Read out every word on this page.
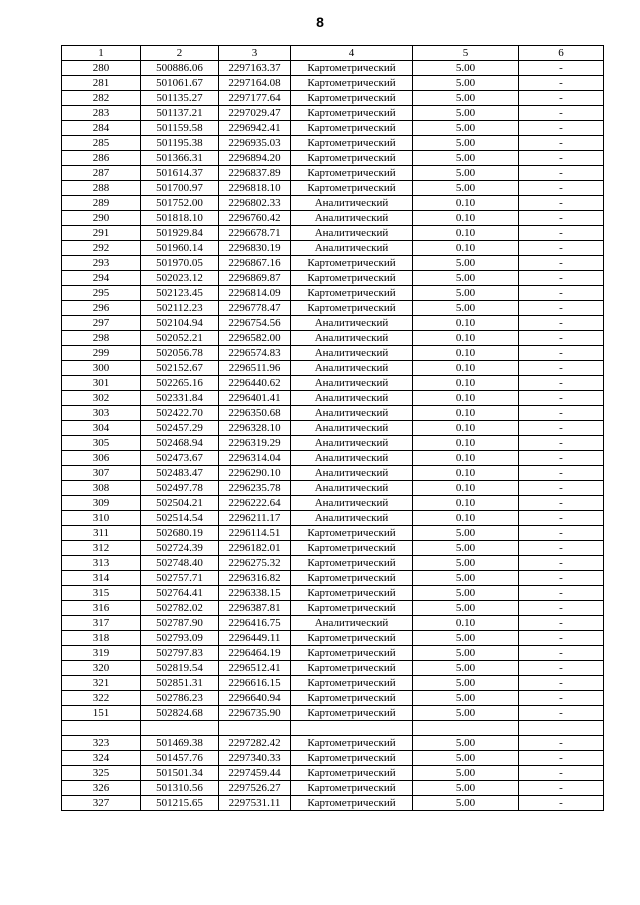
8
1	2	3	4	5	6
280	500886.06	2297163.37	Картометрический	5.00	-
281	501061.67	2297164.08	Картометрический	5.00	-
282	501135.27	2297177.64	Картометрический	5.00	-
283	501137.21	2297029.47	Картометрический	5.00	-
284	501159.58	2296942.41	Картометрический	5.00	-
285	501195.38	2296935.03	Картометрический	5.00	-
286	501366.31	2296894.20	Картометрический	5.00	-
287	501614.37	2296837.89	Картометрический	5.00	-
288	501700.97	2296818.10	Картометрический	5.00	-
289	501752.00	2296802.33	Аналитический	0.10	-
290	501818.10	2296760.42	Аналитический	0.10	-
291	501929.84	2296678.71	Аналитический	0.10	-
292	501960.14	2296830.19	Аналитический	0.10	-
293	501970.05	2296867.16	Картометрический	5.00	-
294	502023.12	2296869.87	Картометрический	5.00	-
295	502123.45	2296814.09	Картометрический	5.00	-
296	502112.23	2296778.47	Картометрический	5.00	-
297	502104.94	2296754.56	Аналитический	0.10	-
298	502052.21	2296582.00	Аналитический	0.10	-
299	502056.78	2296574.83	Аналитический	0.10	-
300	502152.67	2296511.96	Аналитический	0.10	-
301	502265.16	2296440.62	Аналитический	0.10	-
302	502331.84	2296401.41	Аналитический	0.10	-
303	502422.70	2296350.68	Аналитический	0.10	-
304	502457.29	2296328.10	Аналитический	0.10	-
305	502468.94	2296319.29	Аналитический	0.10	-
306	502473.67	2296314.04	Аналитический	0.10	-
307	502483.47	2296290.10	Аналитический	0.10	-
308	502497.78	2296235.78	Аналитический	0.10	-
309	502504.21	2296222.64	Аналитический	0.10	-
310	502514.54	2296211.17	Аналитический	0.10	-
311	502680.19	2296114.51	Картометрический	5.00	-
312	502724.39	2296182.01	Картометрический	5.00	-
313	502748.40	2296275.32	Картометрический	5.00	-
314	502757.71	2296316.82	Картометрический	5.00	-
315	502764.41	2296338.15	Картометрический	5.00	-
316	502782.02	2296387.81	Картометрический	5.00	-
317	502787.90	2296416.75	Аналитический	0.10	-
318	502793.09	2296449.11	Картометрический	5.00	-
319	502797.83	2296464.19	Картометрический	5.00	-
320	502819.54	2296512.41	Картометрический	5.00	-
321	502851.31	2296616.15	Картометрический	5.00	-
322	502786.23	2296640.94	Картометрический	5.00	-
151	502824.68	2296735.90	Картометрический	5.00	-

323	501469.38	2297282.42	Картометрический	5.00	-
324	501457.76	2297340.33	Картометрический	5.00	-
325	501501.34	2297459.44	Картометрический	5.00	-
326	501310.56	2297526.27	Картометрический	5.00	-
327	501215.65	2297531.11	Картометрический	5.00	-
